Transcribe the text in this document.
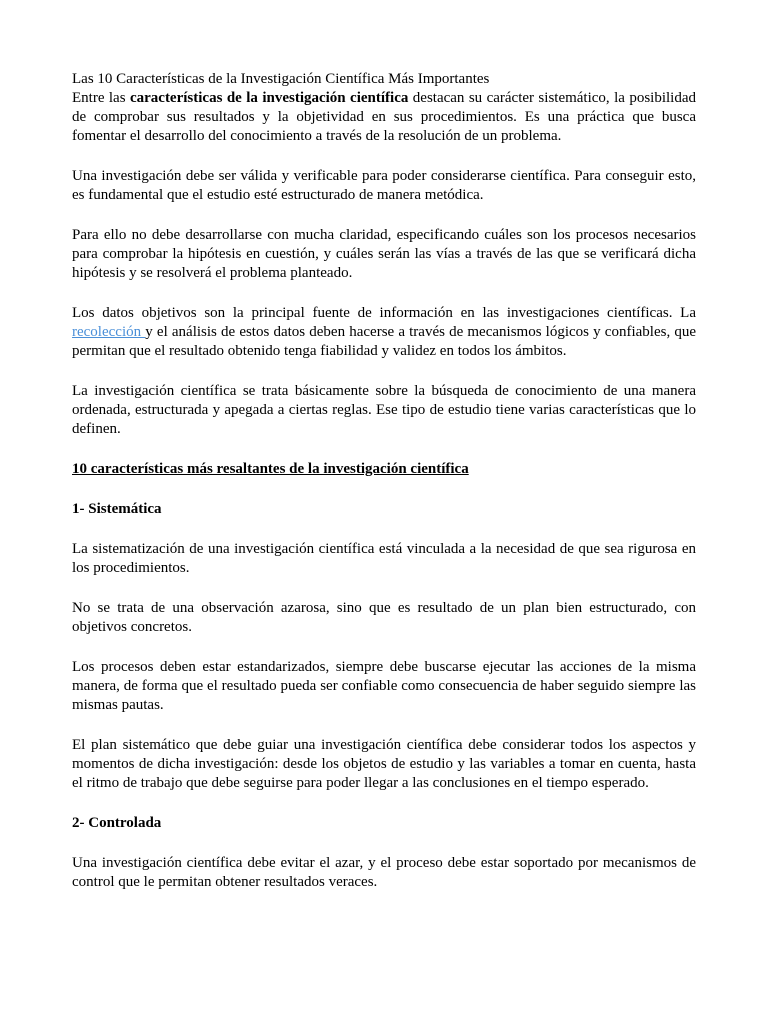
Las 10 Características de la Investigación Científica Más Importantes

Entre las características de la investigación científica destacan su carácter sistemático, la posibilidad de comprobar sus resultados y la objetividad en sus procedimientos. Es una práctica que busca fomentar el desarrollo del conocimiento a través de la resolución de un problema.

Una investigación debe ser válida y verificable para poder considerarse científica. Para conseguir esto, es fundamental que el estudio esté estructurado de manera metódica.

Para ello no debe desarrollarse con mucha claridad, especificando cuáles son los procesos necesarios para comprobar la hipótesis en cuestión, y cuáles serán las vías a través de las que se verificará dicha hipótesis y se resolverá el problema planteado.

Los datos objetivos son la principal fuente de información en las investigaciones científicas. La recolección y el análisis de estos datos deben hacerse a través de mecanismos lógicos y confiables, que permitan que el resultado obtenido tenga fiabilidad y validez en todos los ámbitos.

La investigación científica se trata básicamente sobre la búsqueda de conocimiento de una manera ordenada, estructurada y apegada a ciertas reglas. Ese tipo de estudio tiene varias características que lo definen.

10 características más resaltantes de la investigación científica

1- Sistemática

La sistematización de una investigación científica está vinculada a la necesidad de que sea rigurosa en los procedimientos.

No se trata de una observación azarosa, sino que es resultado de un plan bien estructurado, con objetivos concretos.

Los procesos deben estar estandarizados, siempre debe buscarse ejecutar las acciones de la misma manera, de forma que el resultado pueda ser confiable como consecuencia de haber seguido siempre las mismas pautas.

El plan sistemático que debe guiar una investigación científica debe considerar todos los aspectos y momentos de dicha investigación: desde los objetos de estudio y las variables a tomar en cuenta, hasta el ritmo de trabajo que debe seguirse para poder llegar a las conclusiones en el tiempo esperado.

2- Controlada

Una investigación científica debe evitar el azar, y el proceso debe estar soportado por mecanismos de control que le permitan obtener resultados veraces.
